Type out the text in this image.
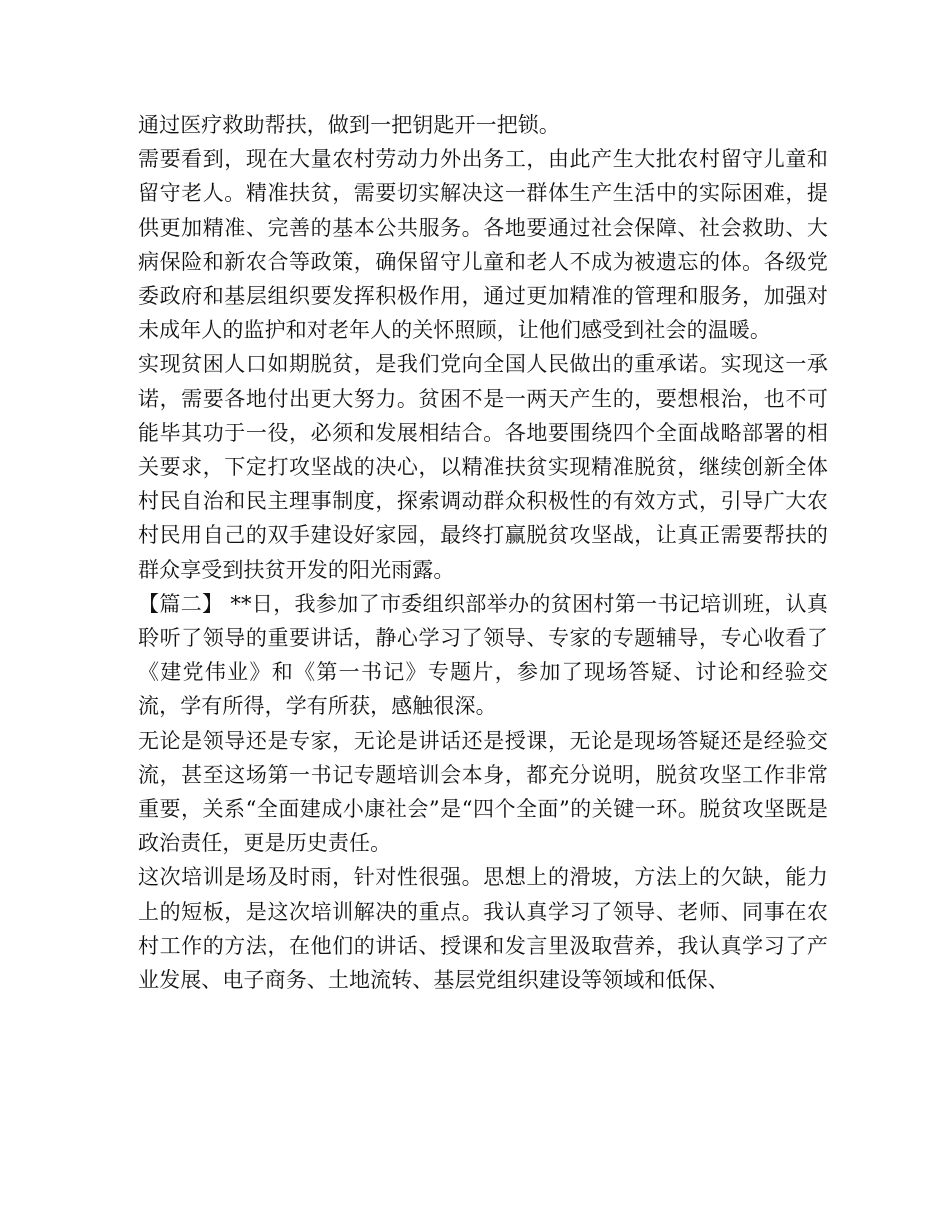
通过医疗救助帮扶，做到一把钥匙开一把锁。

需要看到，现在大量农村劳动力外出务工，由此产生大批农村留守儿童和留守老人。精准扶贫，需要切实解决这一群体生产生活中的实际困难，提供更加精准、完善的基本公共服务。各地要通过社会保障、社会救助、大病保险和新农合等政策，确保留守儿童和老人不成为被遗忘的体。各级党委政府和基层组织要发挥积极作用，通过更加精准的管理和服务，加强对未成年人的监护和对老年人的关怀照顾，让他们感受到社会的温暖。

实现贫困人口如期脱贫，是我们党向全国人民做出的重承诺。实现这一承诺，需要各地付出更大努力。贫困不是一两天产生的，要想根治，也不可能毕其功于一役，必须和发展相结合。各地要围绕四个全面战略部署的相关要求，下定打攻坚战的决心，以精准扶贫实现精准脱贫，继续创新全体村民自治和民主理事制度，探索调动群众积极性的有效方式，引导广大农村民用自己的双手建设好家园，最终打赢脱贫攻坚战，让真正需要帮扶的群众享受到扶贫开发的阳光雨露。

【篇二】 **日，我参加了市委组织部举办的贫困村第一书记培训班，认真聆听了领导的重要讲话，静心学习了领导、专家的专题辅导，专心收看了《建党伟业》和《第一书记》专题片，参加了现场答疑、讨论和经验交流，学有所得，学有所获，感触很深。

无论是领导还是专家，无论是讲话还是授课，无论是现场答疑还是经验交流，甚至这场第一书记专题培训会本身，都充分说明，脱贫攻坚工作非常重要，关系“全面建成小康社会”是“四个全面”的关键一环。脱贫攻坚既是政治责任，更是历史责任。

这次培训是场及时雨，针对性很强。思想上的滑坡，方法上的欠缺，能力上的短板，是这次培训解决的重点。我认真学习了领导、老师、同事在农村工作的方法，在他们的讲话、授课和发言里汲取营养，我认真学习了产业发展、电子商务、土地流转、基层党组织建设等领域和低保、
